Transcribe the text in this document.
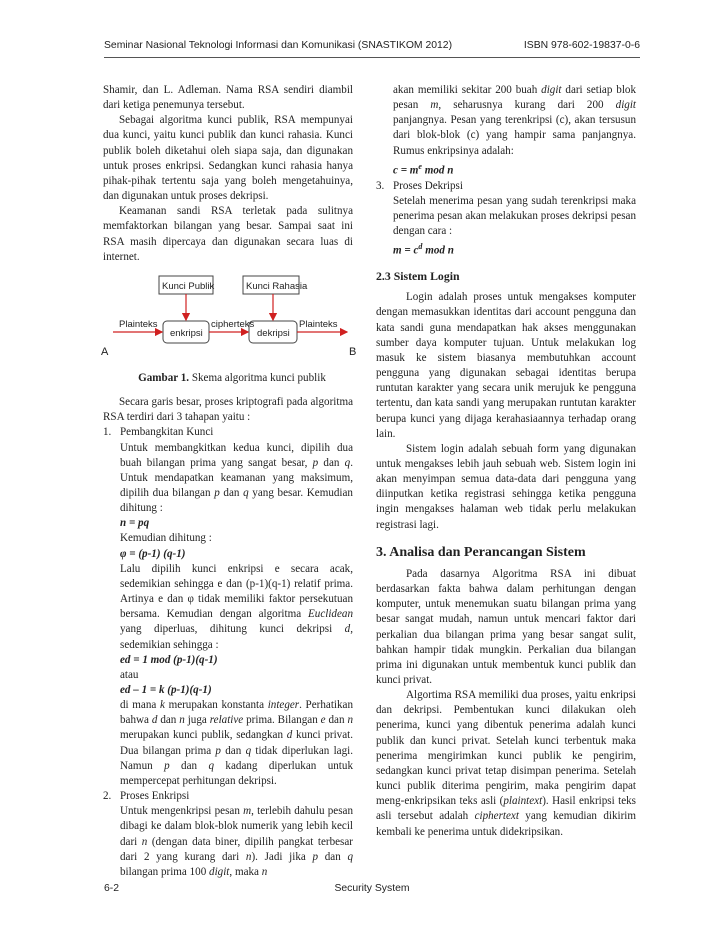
Seminar Nasional Teknologi Informasi dan Komunikasi (SNASTIKOM 2012)	ISBN 978-602-19837-0-6

Shamir, dan L. Adleman. Nama RSA sendiri diambil dari ketiga penemunya tersebut.

Sebagai algoritma kunci publik, RSA mempunyai dua kunci, yaitu kunci publik dan kunci rahasia. Kunci publik boleh diketahui oleh siapa saja, dan digunakan untuk proses enkripsi. Sedangkan kunci rahasia hanya pihak-pihak tertentu saja yang boleh mengetahuinya, dan digunakan untuk proses dekripsi.

Keamanan sandi RSA terletak pada sulitnya memfaktorkan bilangan yang besar. Sampai saat ini RSA masih dipercaya dan digunakan secara luas di internet.

Kunci Publik	Kunci Rahasia
Plainteks	cipherteks	Plainteks
enkripsi	dekripsi
A	B
Gambar 1. Skema algoritma kunci publik

Secara garis besar, proses kriptografi pada algoritma RSA terdiri dari 3 tahapan yaitu :

1. Pembangkitan Kunci

Untuk membangkitkan kedua kunci, dipilih dua buah bilangan prima yang sangat besar, p dan q. Untuk mendapatkan keamanan yang maksimum, dipilih dua bilangan p dan q yang besar. Kemudian dihitung :

n = pq
Kemudian dihitung :
φ = (p-1) (q-1)

Lalu dipilih kunci enkripsi e secara acak, sedemikian sehingga e dan (p-1)(q-1) relatif prima. Artinya e dan φ tidak memiliki faktor persekutuan bersama. Kemudian dengan algoritma Euclidean yang diperluas, dihitung kunci dekripsi d, sedemikian sehingga :

ed = 1 mod (p-1)(q-1)
atau
ed – 1 = k (p-1)(q-1)

di mana k merupakan konstanta integer. Perhatikan bahwa d dan n juga relative prima. Bilangan e dan n merupakan kunci publik, sedangkan d kunci privat. Dua bilangan prima p dan q tidak diperlukan lagi. Namun p dan q kadang diperlukan untuk mempercepat perhitungan dekripsi.

2. Proses Enkripsi

Untuk mengenkripsi pesan m, terlebih dahulu pesan dibagi ke dalam blok-blok numerik yang lebih kecil dari n (dengan data biner, dipilih pangkat terbesar dari 2 yang kurang dari n). Jadi jika p dan q bilangan prima 100 digit, maka n

akan memiliki sekitar 200 buah digit dari setiap blok pesan m, seharusnya kurang dari 200 digit panjangnya. Pesan yang terenkripsi (c), akan tersusun dari blok-blok (c) yang hampir sama panjangnya. Rumus enkripsinya adalah:

$c = m^e$ mod n
3. Proses Dekripsi

Setelah menerima pesan yang sudah terenkripsi maka penerima pesan akan melakukan proses dekripsi pesan dengan cara :

$m = c^d$ mod n
2.3 Sistem Login

Login adalah proses untuk mengakses komputer dengan memasukkan identitas dari account pengguna dan kata sandi guna mendapatkan hak akses menggunakan sumber daya komputer tujuan. Untuk melakukan log masuk ke sistem biasanya membutuhkan account pengguna yang digunakan sebagai identitas berupa runtutan karakter yang secara unik merujuk ke pengguna tertentu, dan kata sandi yang merupakan runtutan karakter berupa kunci yang dijaga kerahasiaannya terhadap orang lain.

Sistem login adalah sebuah form yang digunakan untuk mengakses lebih jauh sebuah web. Sistem login ini akan menyimpan semua data-data dari pengguna yang diinputkan ketika registrasi sehingga ketika pengguna ingin mengakses halaman web tidak perlu melakukan registrasi lagi.

3. Analisa dan Perancangan Sistem

Pada dasarnya Algoritma RSA ini dibuat berdasarkan fakta bahwa dalam perhitungan dengan komputer, untuk menemukan suatu bilangan prima yang besar sangat mudah, namun untuk mencari faktor dari perkalian dua bilangan prima yang besar sangat sulit, bahkan hampir tidak mungkin. Perkalian dua bilangan prima ini digunakan untuk membentuk kunci publik dan kunci privat.

Algortima RSA memiliki dua proses, yaitu enkripsi dan dekripsi. Pembentukan kunci dilakukan oleh penerima, kunci yang dibentuk penerima adalah kunci publik dan kunci privat. Setelah kunci terbentuk maka penerima mengirimkan kunci publik ke pengirim, sedangkan kunci privat tetap disimpan penerima. Setelah kunci publik diterima pengirim, maka pengirim dapat meng-enkripsikan teks asli (plaintext). Hasil enkripsi teks asli tersebut adalah ciphertext yang kemudian dikirim kembali ke penerima untuk didekripsikan.

6-2	Security System
